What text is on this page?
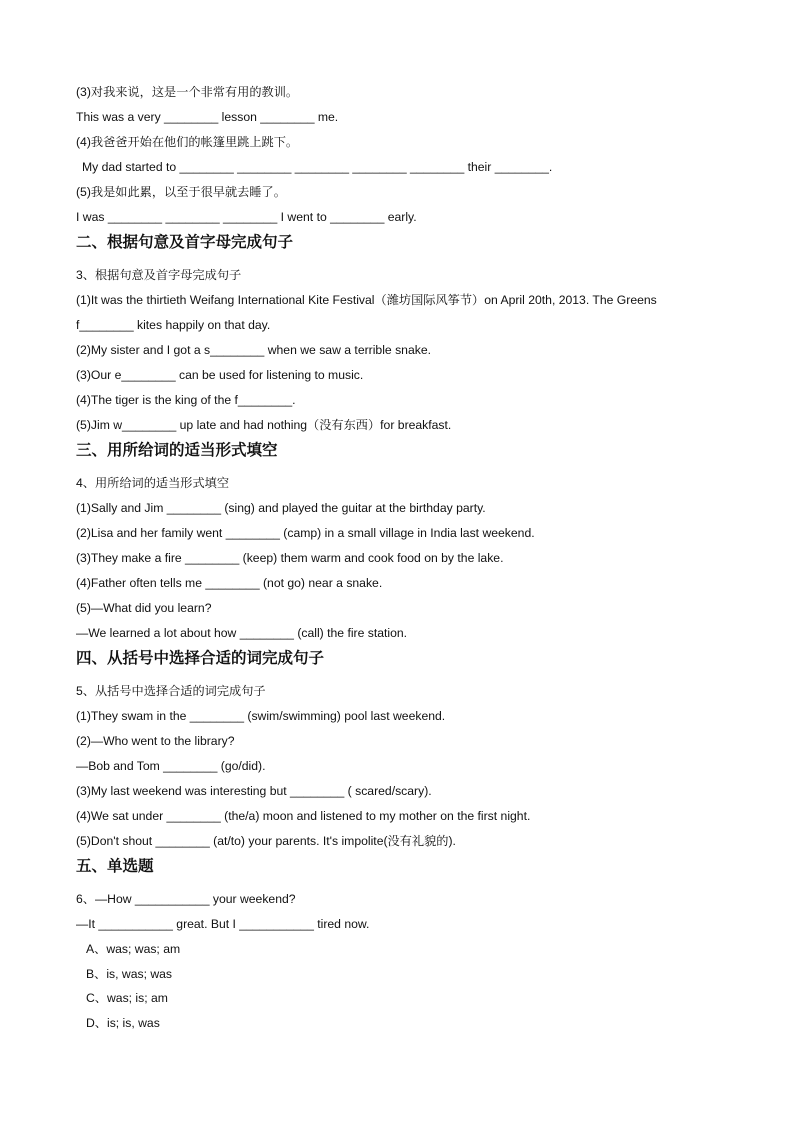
(3)对我来说，这是一个非常有用的教训。
This was a very ________ lesson ________ me.
(4)我爸爸开始在他们的帐篷里跳上跳下。
My dad started to ________ ________ ________ ________ ________ their ________.
(5)我是如此累，以至于很早就去睡了。
I was ________ ________ ________ I went to ________ early.
二、根据句意及首字母完成句子
3、根据句意及首字母完成句子
(1)It was the thirtieth Weifang International Kite Festival（潍坊国际风筝节）on April 20th, 2013. The Greens
f________ kites happily on that day.
(2)My sister and I got a s________ when we saw a terrible snake.
(3)Our e________ can be used for listening to music.
(4)The tiger is the king of the f________.
(5)Jim w________ up late and had nothing（没有东西）for breakfast.
三、用所给词的适当形式填空
4、用所给词的适当形式填空
(1)Sally and Jim ________ (sing) and played the guitar at the birthday party.
(2)Lisa and her family went ________ (camp) in a small village in India last weekend.
(3)They make a fire ________ (keep) them warm and cook food on by the lake.
(4)Father often tells me ________ (not go) near a snake.
(5)—What did you learn?
—We learned a lot about how ________ (call) the fire station.
四、从括号中选择合适的词完成句子
5、从括号中选择合适的词完成句子
(1)They swam in the ________ (swim/swimming) pool last weekend.
(2)—Who went to the library?
—Bob and Tom ________ (go/did).
(3)My last weekend was interesting but ________ ( scared/scary).
(4)We sat under ________ (the/a) moon and listened to my mother on the first night.
(5)Don't shout ________ (at/to) your parents. It's impolite(没有礼貌的).
五、单选题
6、—How ___________ your weekend?
—It ___________ great. But I ___________ tired now.
A、was; was; am
B、is, was; was
C、was; is; am
D、is; is, was
